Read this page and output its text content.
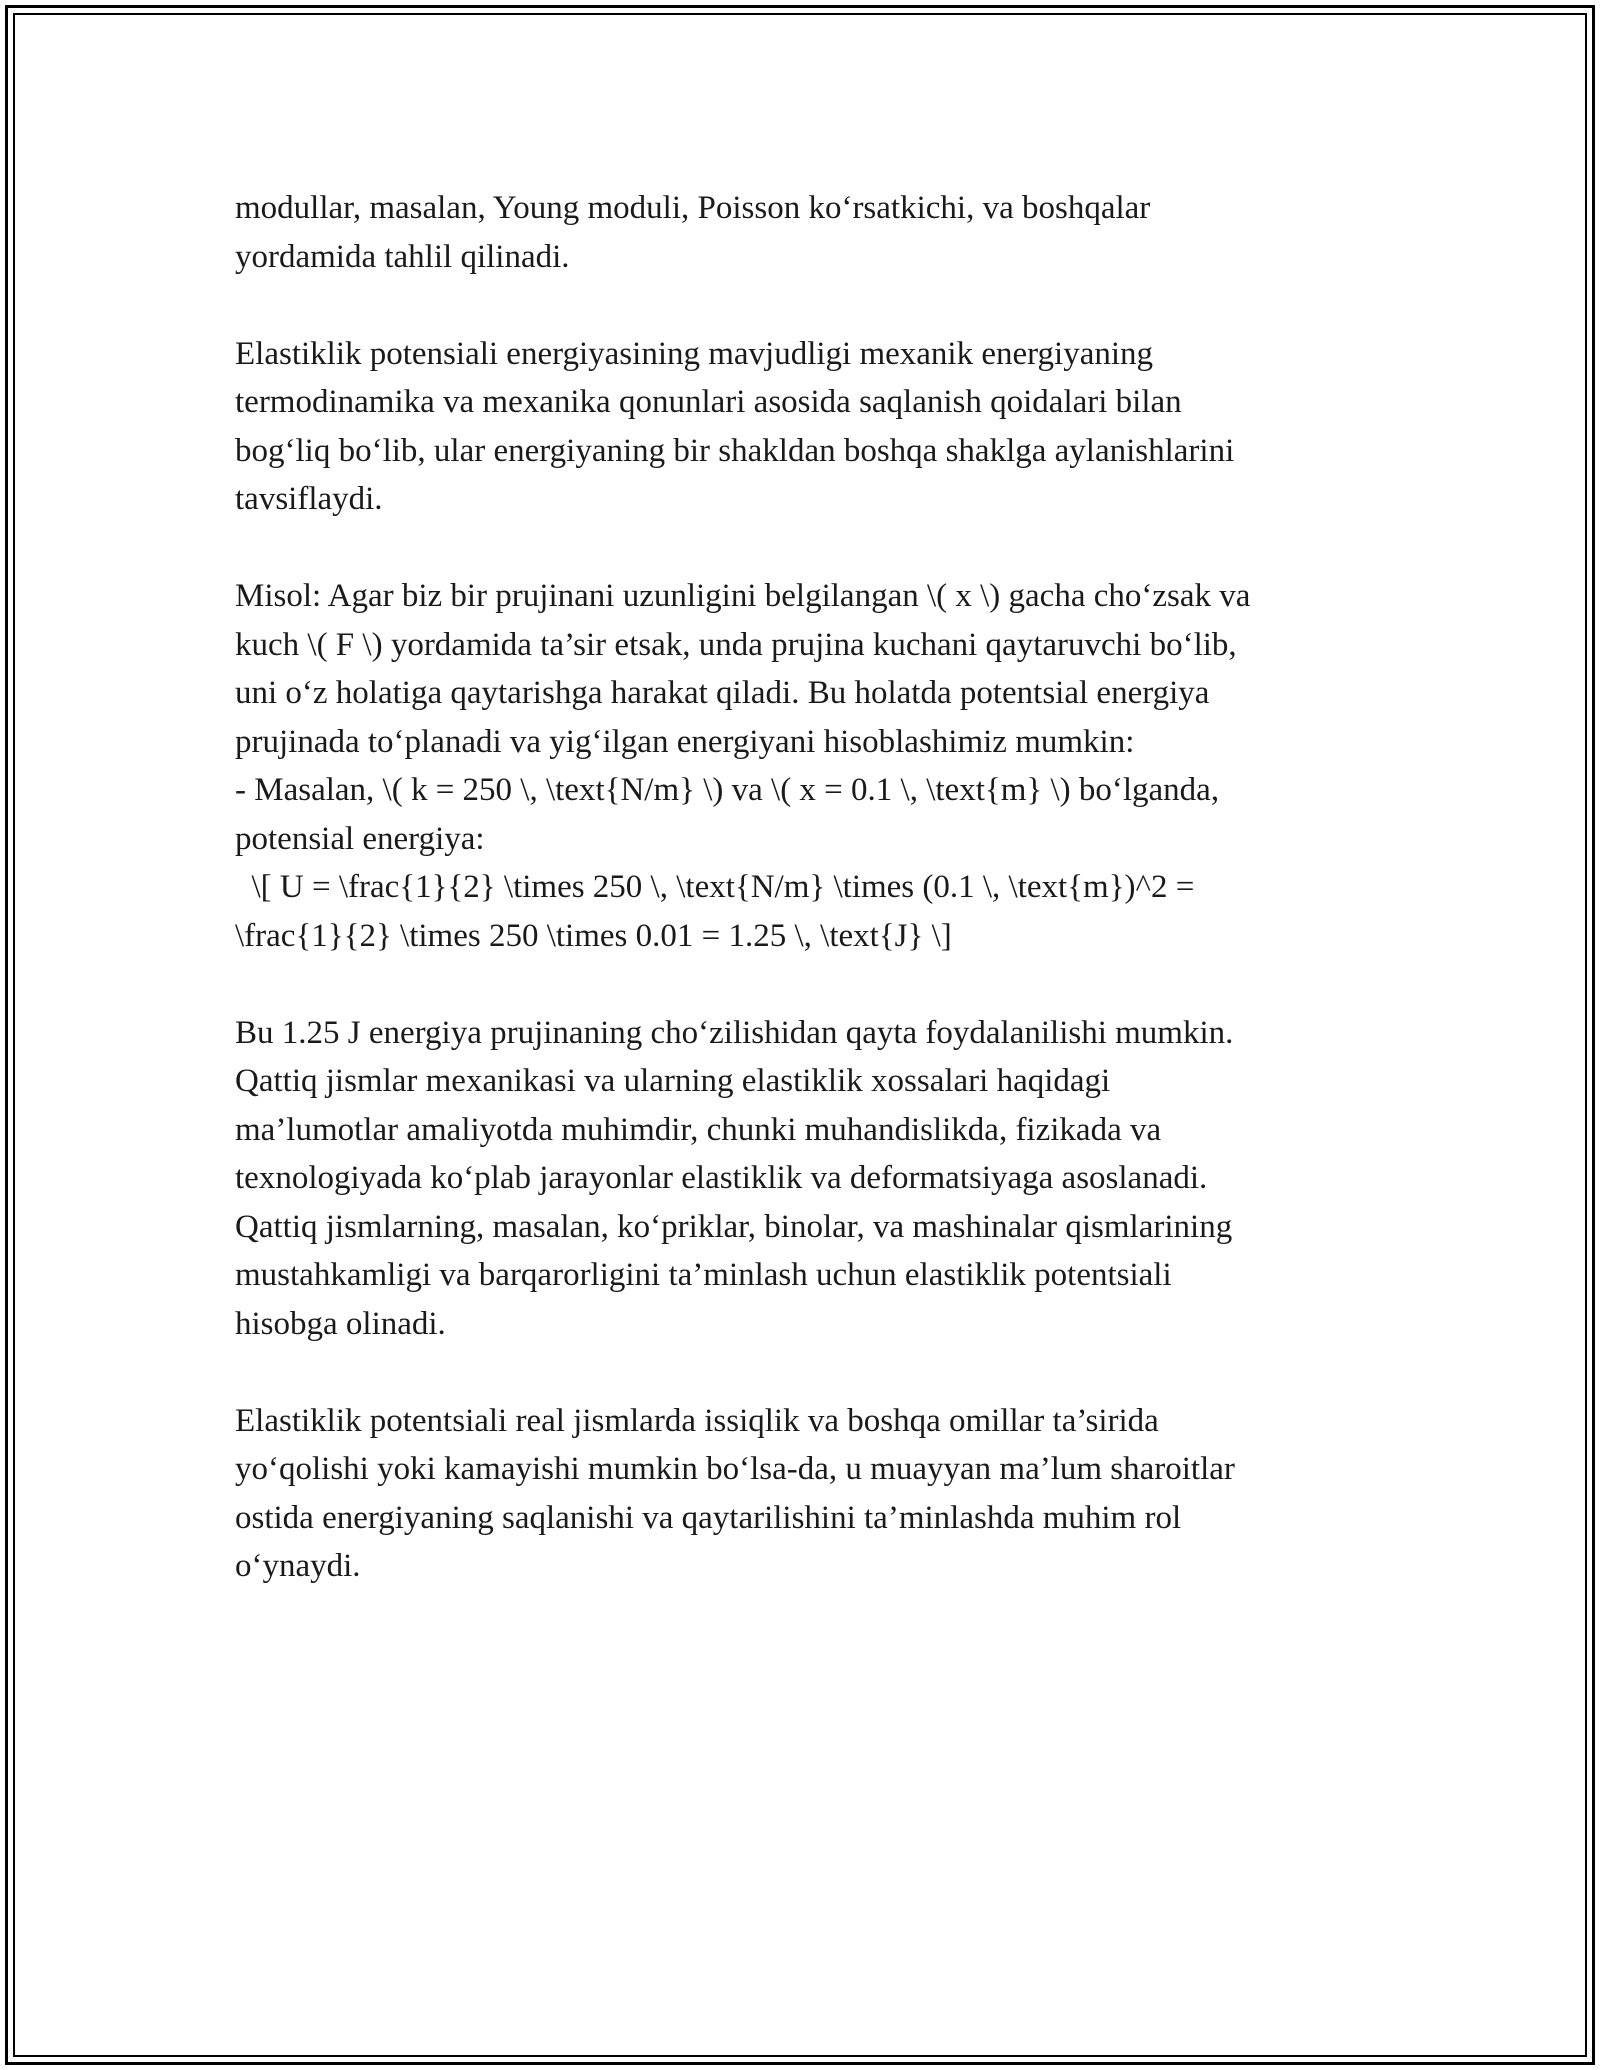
modullar, masalan, Young moduli, Poisson ko‘rsatkichi, va boshqalar
yordamida tahlil qilinadi.

Elastiklik potensiali energiyasining mavjudligi mexanik energiyaning
termodinamika va mexanika qonunlari asosida saqlanish qoidalari bilan
bog‘liq bo‘lib, ular energiyaning bir shakldan boshqa shaklga aylanishlarini
tavsiflaydi.

Misol: Agar biz bir prujinani uzunligini belgilangan \( x \) gacha cho‘zsak va
kuch \( F \) yordamida ta’sir etsak, unda prujina kuchani qaytaruvchi bo‘lib,
uni o‘z holatiga qaytarishga harakat qiladi. Bu holatda potentsial energiya
prujinada to‘planadi va yig‘ilgan energiyani hisoblashimiz mumkin:
- Masalan, \( k = 250 \, \text{N/m} \) va \( x = 0.1 \, \text{m} \) bo‘lganda,
potensial energiya:
\[ U = \frac{1}{2} \times 250 \, \text{N/m} \times (0.1 \, \text{m})^2 =
\frac{1}{2} \times 250 \times 0.01 = 1.25 \, \text{J} \]

Bu 1.25 J energiya prujinaning cho‘zilishidan qayta foydalanilishi mumkin.
Qattiq jismlar mexanikasi va ularning elastiklik xossalari haqidagi
ma’lumotlar amaliyotda muhimdir, chunki muhandislikda, fizikada va
texnologiyada ko‘plab jarayonlar elastiklik va deformatsiyaga asoslanadi.
Qattiq jismlarning, masalan, ko‘priklar, binolar, va mashinalar qismlarining
mustahkamligi va barqarorligini ta’minlash uchun elastiklik potentsiali
hisobga olinadi.

Elastiklik potentsiali real jismlarda issiqlik va boshqa omillar ta’sirida
yo‘qolishi yoki kamayishi mumkin bo‘lsa-da, u muayyan ma’lum sharoitlar
ostida energiyaning saqlanishi va qaytarilishini ta’minlashda muhim rol
o‘ynaydi.
